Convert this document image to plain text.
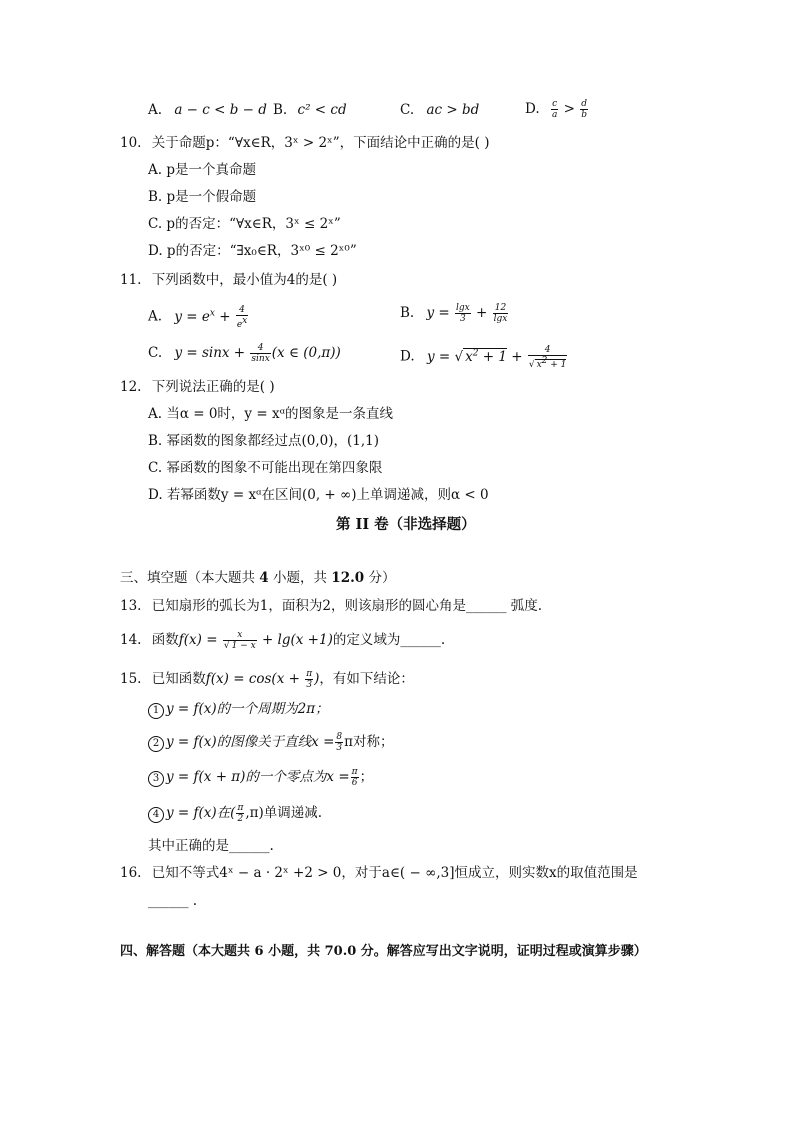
A. a − c < b − d B. c² < cd	C. ac > bd	D. $\frac{c}{a} > \frac{d}{b}$
10. 关于命题p：“∀x∈R，3ˣ > 2ˣ”，下面结论中正确的是( )
A. p是一个真命题
B. p是一个假命题
C. p的否定：“∀x∈R，3ˣ ≤ 2ˣ”
D. p的否定：“∃x₀∈R，3ˣ⁰ ≤ 2ˣ⁰”
11. 下列函数中，最小值为4的是( )
A. $y = e^x + \frac{4}{e^x}$	B. $y = \frac{\lg x}{3} + \frac{12}{\lg x}$
C. $y = \sin x + \frac{4}{\sin x} (x$ ∈ (0,π))	D. y = √ $x^2 + 1 + \frac{4}{√ x^2 + 1}$
12. 下列说法正确的是( )
A. 当α = 0时，y = xᵅ的图象是一条直线
B. 幂函数的图象都经过点(0,0)，(1,1)
C. 幂函数的图象不可能出现在第四象限
D. 若幂函数y = xᵅ在区间(0, + ∞)上单调递减，则α < 0
第 II 卷（非选择题）
三、填空题（本大题共 4 小题，共 12.0 分）
13. 已知扇形的弧长为1，面积为2，则该扇形的圆心角是______ 弧度.
14. 函数$f(x) = \frac{x}{√ 1 - x} + \lg(x +1)$的定义域为______.
15. 已知函数$f(x) = \cos(x + \frac{\pi}{3}$ )，有如下结论：
1 y = f(x)的一个周期为2π；
2 y = f(x)的图像关于直线$x = \frac{8}{3}$ π对称；
3 y = f(x + π)的一个零点为$x = \frac{\pi}{6}$ ；
4 y = f(x)在( $\frac{\pi}{2} ,\pi$)单调递减.
其中正确的是______.
16. 已知不等式4ˣ − a · 2ˣ +2 > 0，对于a∈( − ∞,3]恒成立，则实数x的取值范围是
______ .
四、解答题（本大题共 6 小题，共 70.0 分。解答应写出文字说明，证明过程或演算步骤）
